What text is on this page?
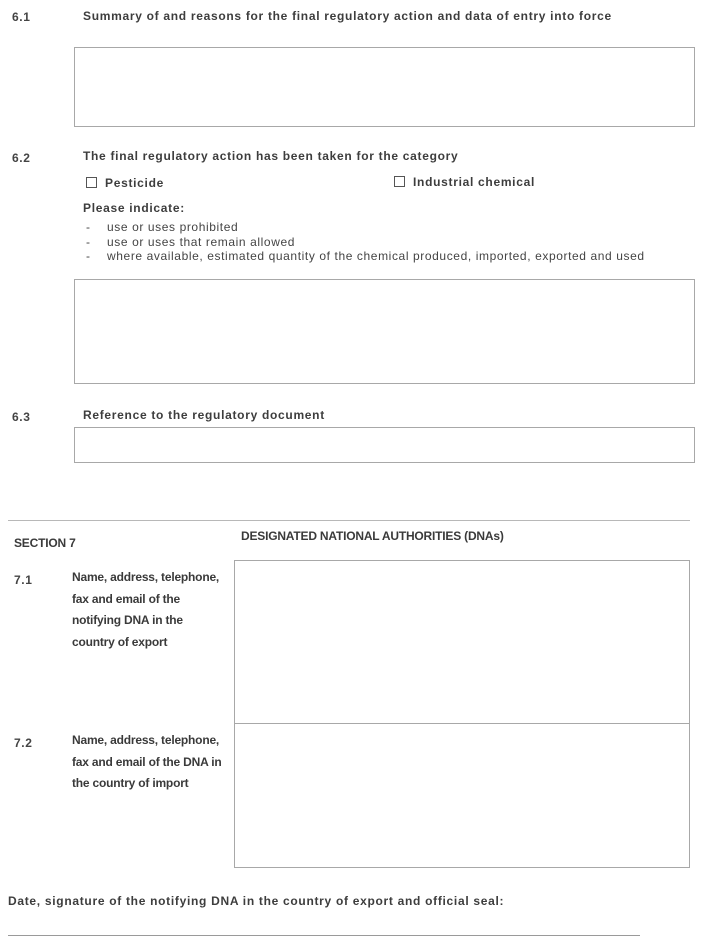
6.1	Summary of and reasons for the final regulatory action and data of entry into force
6.2	The final regulatory action has been taken for the category
Pesticide	Industrial chemical
Please indicate:
- use or uses prohibited
- use or uses that remain allowed
- where available, estimated quantity of the chemical produced, imported, exported and used
6.3	Reference to the regulatory document
SECTION 7	DESIGNATED NATIONAL AUTHORITIES (DNAs)
7.1	Name, address, telephone, fax and email of the notifying DNA in the country of export
7.2	Name, address, telephone, fax and email of the DNA in the country of import
Date, signature of the notifying DNA in the country of export and official seal:
